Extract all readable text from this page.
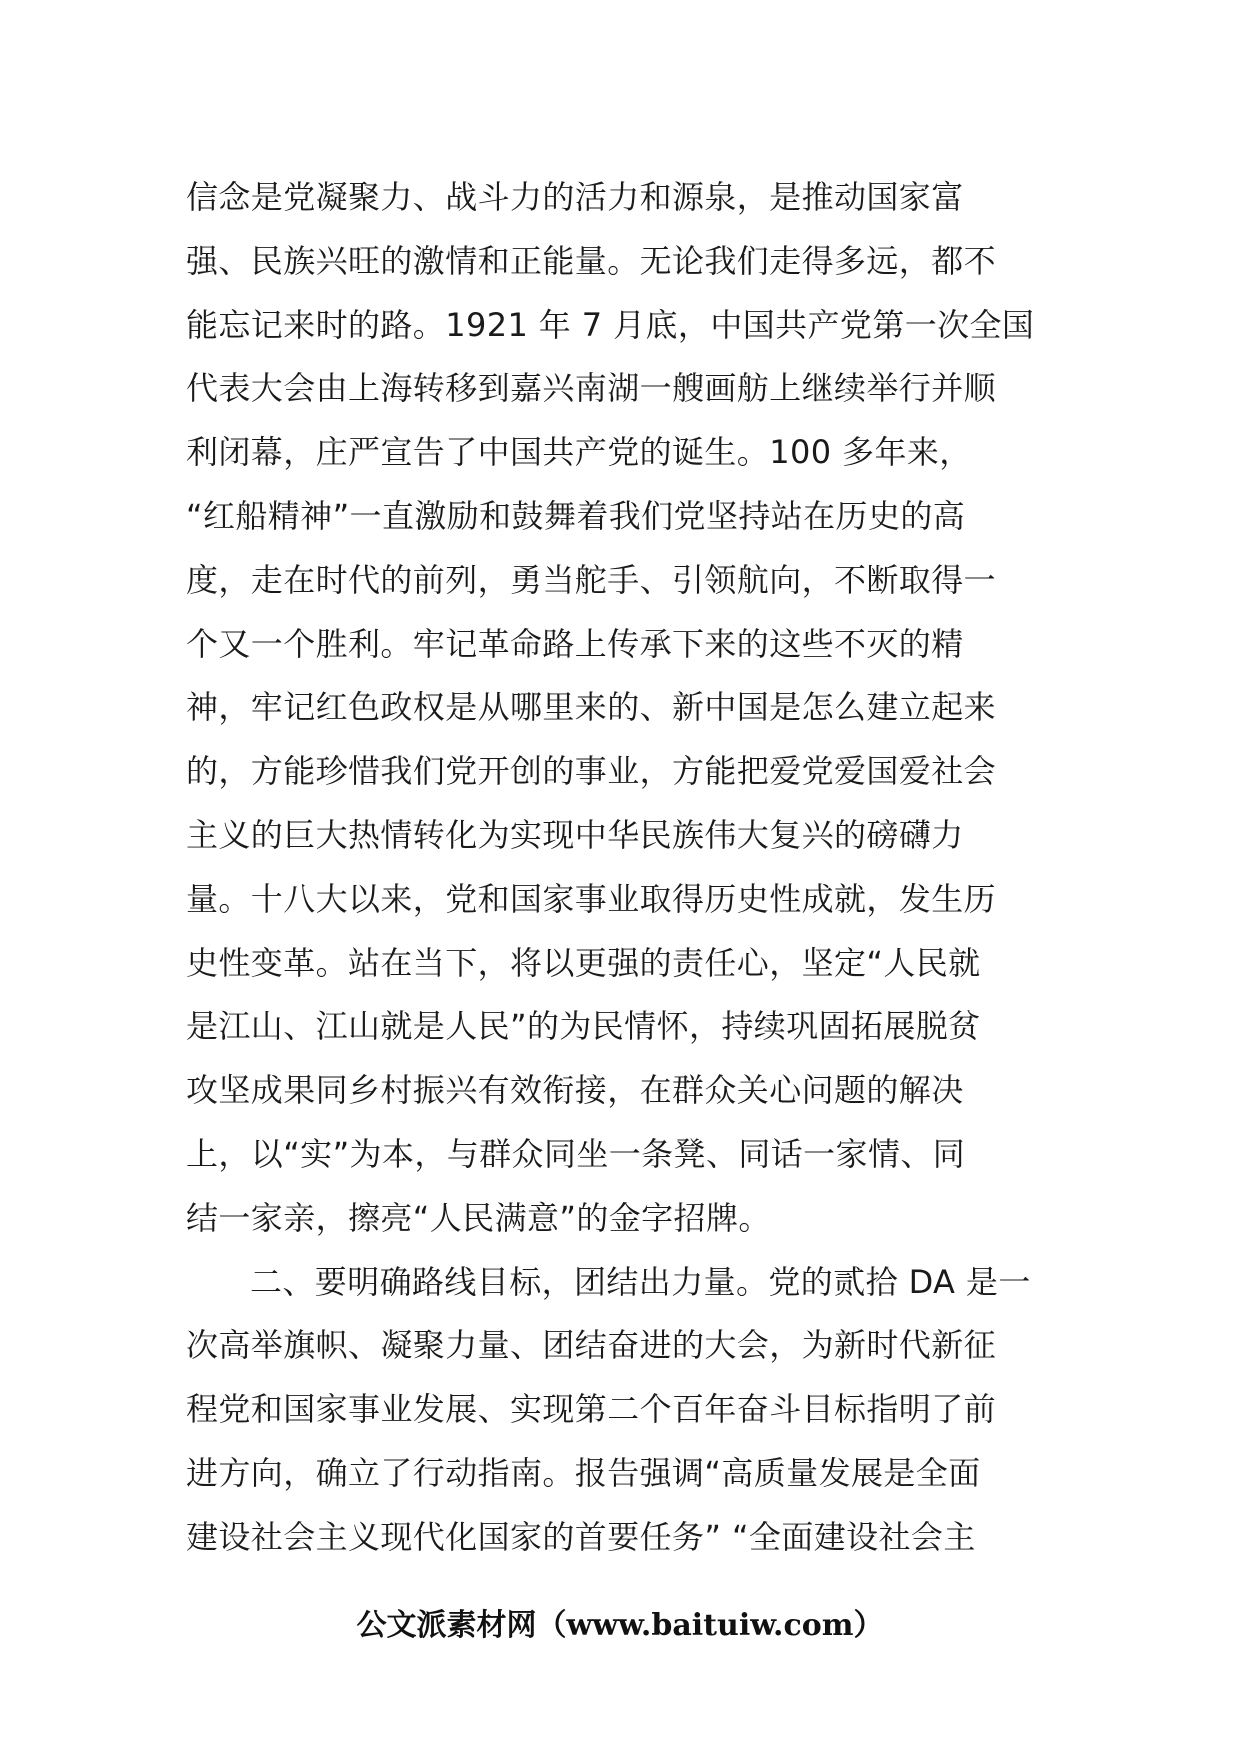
信念是党凝聚力、战斗力的活力和源泉，是推动国家富
强、民族兴旺的激情和正能量。无论我们走得多远，都不
能忘记来时的路。1921 年 7 月底，中国共产党第一次全国
代表大会由上海转移到嘉兴南湖一艘画舫上继续举行并顺
利闭幕，庄严宣告了中国共产党的诞生。100 多年来，
“红船精神”一直激励和鼓舞着我们党坚持站在历史的高
度，走在时代的前列，勇当舵手、引领航向，不断取得一
个又一个胜利。牢记革命路上传承下来的这些不灭的精
神，牢记红色政权是从哪里来的、新中国是怎么建立起来
的，方能珍惜我们党开创的事业，方能把爱党爱国爱社会
主义的巨大热情转化为实现中华民族伟大复兴的磅礴力
量。十八大以来，党和国家事业取得历史性成就，发生历
史性变革。站在当下，将以更强的责任心，坚定“人民就
是江山、江山就是人民”的为民情怀，持续巩固拓展脱贫
攻坚成果同乡村振兴有效衔接，在群众关心问题的解决
上，以“实”为本，与群众同坐一条凳、同话一家情、同
结一家亲，擦亮“人民满意”的金字招牌。
二、要明确路线目标，团结出力量。党的贰拾 DA 是一
次高举旗帜、凝聚力量、团结奋进的大会，为新时代新征
程党和国家事业发展、实现第二个百年奋斗目标指明了前
进方向，确立了行动指南。报告强调“高质量发展是全面
建设社会主义现代化国家的首要任务” “全面建设社会主
公文派素材网（www.baituiw.com）
